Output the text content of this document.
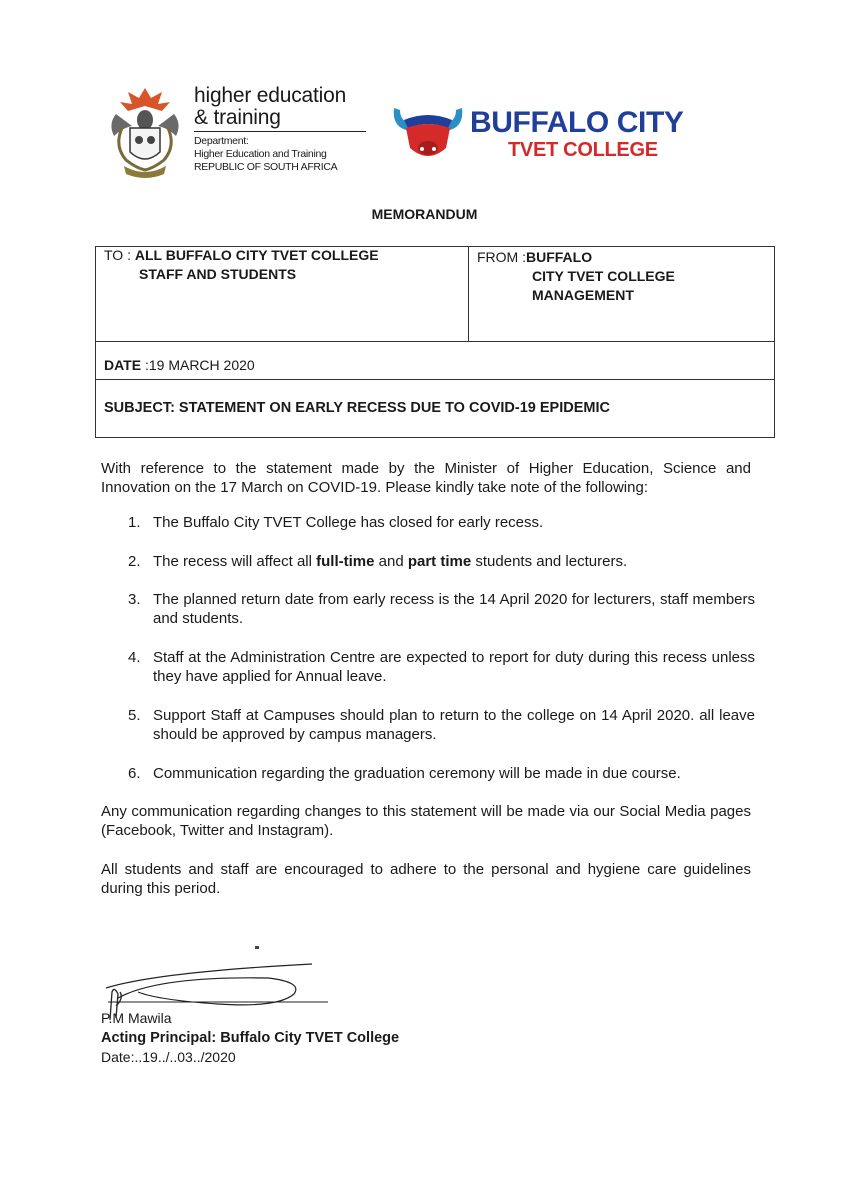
higher education
& training
Department:
Higher Education and Training
REPUBLIC OF SOUTH AFRICA
BUFFALO CITY
TVET COLLEGE
MEMORANDUM
TO : ALL BUFFALO CITY TVET COLLEGE
STAFF AND STUDENTS
FROM :BUFFALO
CITY TVET COLLEGE
MANAGEMENT
DATE :19 MARCH 2020
SUBJECT: STATEMENT ON EARLY RECESS DUE TO COVID-19 EPIDEMIC
With reference to the statement made by the Minister of Higher Education, Science and Innovation on the 17 March on COVID-19. Please kindly take note of the following:
1. The Buffalo City TVET College has closed for early recess.
2. The recess will affect all full-time and part time students and lecturers.
3. The planned return date from early recess is the 14 April 2020 for lecturers, staff members and students.
4. Staff at the Administration Centre are expected to report for duty during this recess unless they have applied for Annual leave.
5. Support Staff at Campuses should plan to return to the college on 14 April 2020. all leave should be approved by campus managers.
6. Communication regarding the graduation ceremony will be made in due course.
Any communication regarding changes to this statement will be made via our Social Media pages (Facebook, Twitter and Instagram).
All students and staff are encouraged to adhere to the personal and hygiene care guidelines during this period.
P.M Mawila
Acting Principal: Buffalo City TVET College
Date:..19../..03../2020
